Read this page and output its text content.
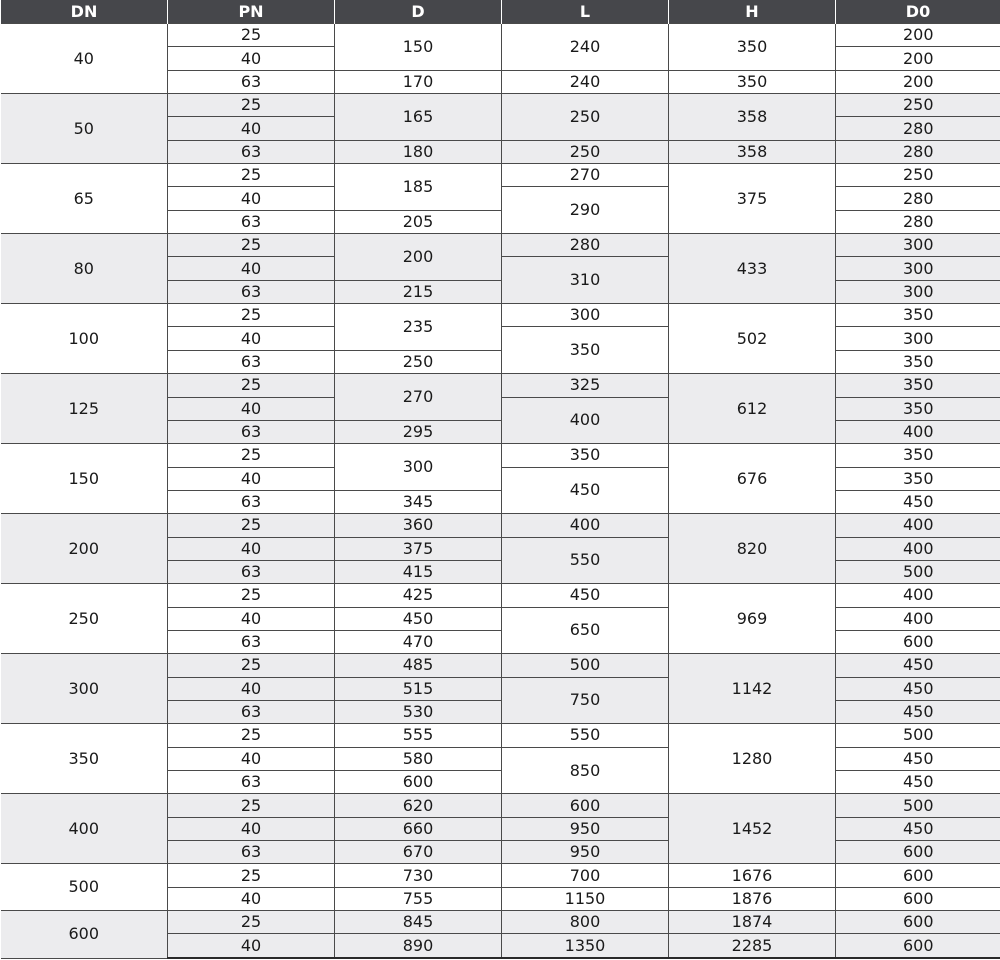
DN	PN	D	L	H	D0
40	25	150	240	350	200
	40				200
	63	170	240	350	200
50	25	165	250	358	250
	40				280
	63	180	250	358	280
65	25	185	270	375	250
	40		290		280
	63	205			280
80	25	200	280	433	300
	40		310		300
	63	215			300
100	25	235	300	502	350
	40		350		300
	63	250			350
125	25	270	325	612	350
	40		400		350
	63	295			400
150	25	300	350	676	350
	40		450		350
	63	345			450
200	25	360	400	820	400
	40	375	550		400
	63	415			500
250	25	425	450	969	400
	40	450	650		400
	63	470			600
300	25	485	500	1142	450
	40	515	750		450
	63	530			450
350	25	555	550	1280	500
	40	580	850		450
	63	600			450
400	25	620	600	1452	500
	40	660	950		450
	63	670	950		600
500	25	730	700	1676	600
	40	755	1150	1876	600
600	25	845	800	1874	600
	40	890	1350	2285	600
